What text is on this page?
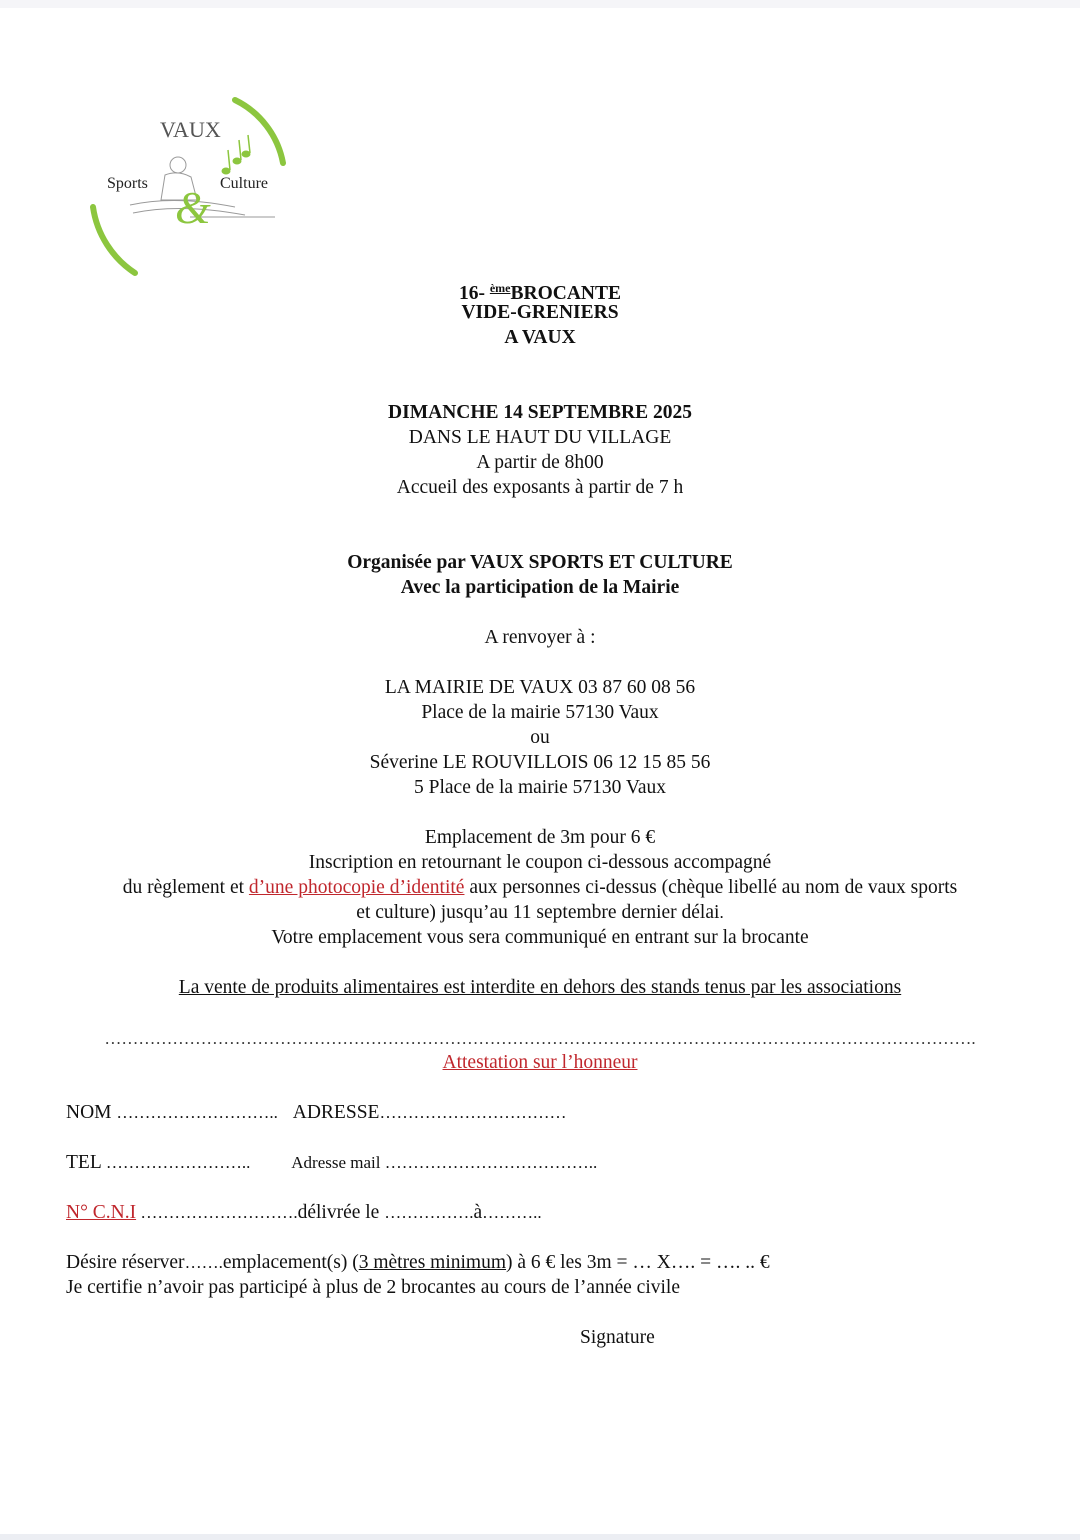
&
VAUX
Sports	Culture
16- $^{ème}$BROCANTE
VIDE-GRENIERS
A VAUX
DIMANCHE 14 SEPTEMBRE 2025
DANS LE HAUT DU VILLAGE
A partir de 8h00
Accueil des exposants à partir de 7 h
Organisée par VAUX SPORTS ET CULTURE
Avec la participation de la Mairie
A renvoyer à :
LA MAIRIE DE VAUX 03 87 60 08 56
Place de la mairie 57130 Vaux
ou
Séverine LE ROUVILLOIS 06 12 15 85 56
5 Place de la mairie 57130 Vaux
Emplacement de 3m pour 6 €
Inscription en retournant le coupon ci-dessous accompagné
du règlement et d’une photocopie d’identité aux personnes ci-dessus (chèque libellé au nom de vaux sports
et culture) jusqu’au 11 septembre dernier délai.
Votre emplacement vous sera communiqué en entrant sur la brocante
La vente de produits alimentaires est interdite en dehors des stands tenus par les associations
……………………………………………………………………………………………………………………………………….
Attestation sur l’honneur
NOM ……………………….. ADRESSE……………………………
TEL …………………….. Adresse mail ………………………………..
N° C.N.I ……………………….délivrée le …………….à………..
Désire réserver…….emplacement(s) (3 mètres minimum) à 6 € les 3m = … X…. = …. .. €
Je certifie n’avoir pas participé à plus de 2 brocantes au cours de l’année civile
Signature
